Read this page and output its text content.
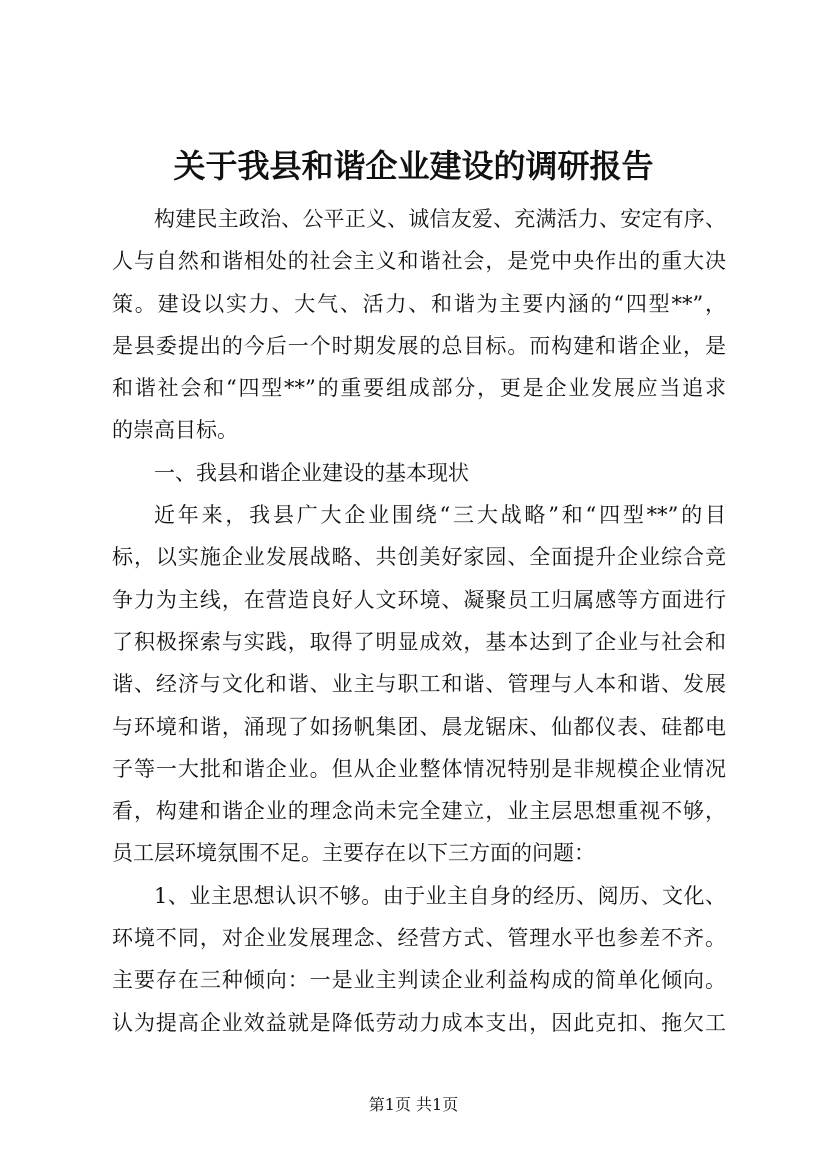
关于我县和谐企业建设的调研报告
构建民主政治、公平正义、诚信友爱、充满活力、安定有序、
人与自然和谐相处的社会主义和谐社会，是党中央作出的重大决
策。建设以实力、大气、活力、和谐为主要内涵的“四型**”，
是县委提出的今后一个时期发展的总目标。而构建和谐企业，是
和谐社会和“四型**”的重要组成部分，更是企业发展应当追求
的崇高目标。
一、我县和谐企业建设的基本现状
近年来，我县广大企业围绕“三大战略”和“四型**”的目
标，以实施企业发展战略、共创美好家园、全面提升企业综合竞
争力为主线，在营造良好人文环境、凝聚员工归属感等方面进行
了积极探索与实践，取得了明显成效，基本达到了企业与社会和
谐、经济与文化和谐、业主与职工和谐、管理与人本和谐、发展
与环境和谐，涌现了如扬帆集团、晨龙锯床、仙都仪表、硅都电
子等一大批和谐企业。但从企业整体情况特别是非规模企业情况
看，构建和谐企业的理念尚未完全建立，业主层思想重视不够，
员工层环境氛围不足。主要存在以下三方面的问题：
1、业主思想认识不够。由于业主自身的经历、阅历、文化、
环境不同，对企业发展理念、经营方式、管理水平也参差不齐。
主要存在三种倾向：一是业主判读企业利益构成的简单化倾向。
认为提高企业效益就是降低劳动力成本支出，因此克扣、拖欠工
第1页 共1页
